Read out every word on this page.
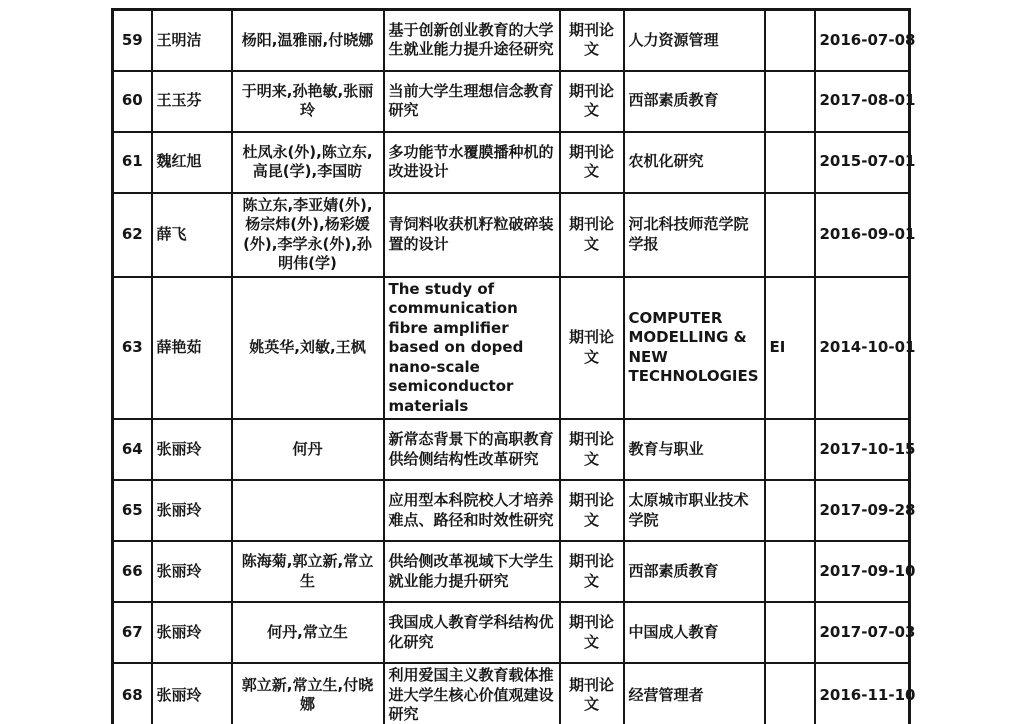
59	王明洁	杨阳,温雅丽,付晓娜	基于创新创业教育的大学生就业能力提升途径研究	期刊论文	人力资源管理		2016-07-08
60	王玉芬	于明来,孙艳敏,张丽玲	当前大学生理想信念教育研究	期刊论文	西部素质教育		2017-08-01
61	魏红旭	杜凤永(外),陈立东,高昆(学),李国昉	多功能节水覆膜播种机的改进设计	期刊论文	农机化研究		2015-07-01
62	薛飞	陈立东,李亚婧(外),杨宗炜(外),杨彩媛(外),李学永(外),孙明伟(学)	青饲料收获机籽粒破碎装置的设计	期刊论文	河北科技师范学院学报		2016-09-01
63	薛艳茹	姚英华,刘敏,王枫	The study of communication fibre amplifier based on doped nano-scale semiconductor materials	期刊论文	COMPUTER MODELLING & NEW TECHNOLOGIES	EI	2014-10-01
64	张丽玲	何丹	新常态背景下的高职教育供给侧结构性改革研究	期刊论文	教育与职业		2017-10-15
65	张丽玲		应用型本科院校人才培养难点、路径和时效性研究	期刊论文	太原城市职业技术学院		2017-09-28
66	张丽玲	陈海菊,郭立新,常立生	供给侧改革视域下大学生就业能力提升研究	期刊论文	西部素质教育		2017-09-10
67	张丽玲	何丹,常立生	我国成人教育学科结构优化研究	期刊论文	中国成人教育		2017-07-03
68	张丽玲	郭立新,常立生,付晓娜	利用爱国主义教育载体推进大学生核心价值观建设研究	期刊论文	经营管理者		2016-11-10
